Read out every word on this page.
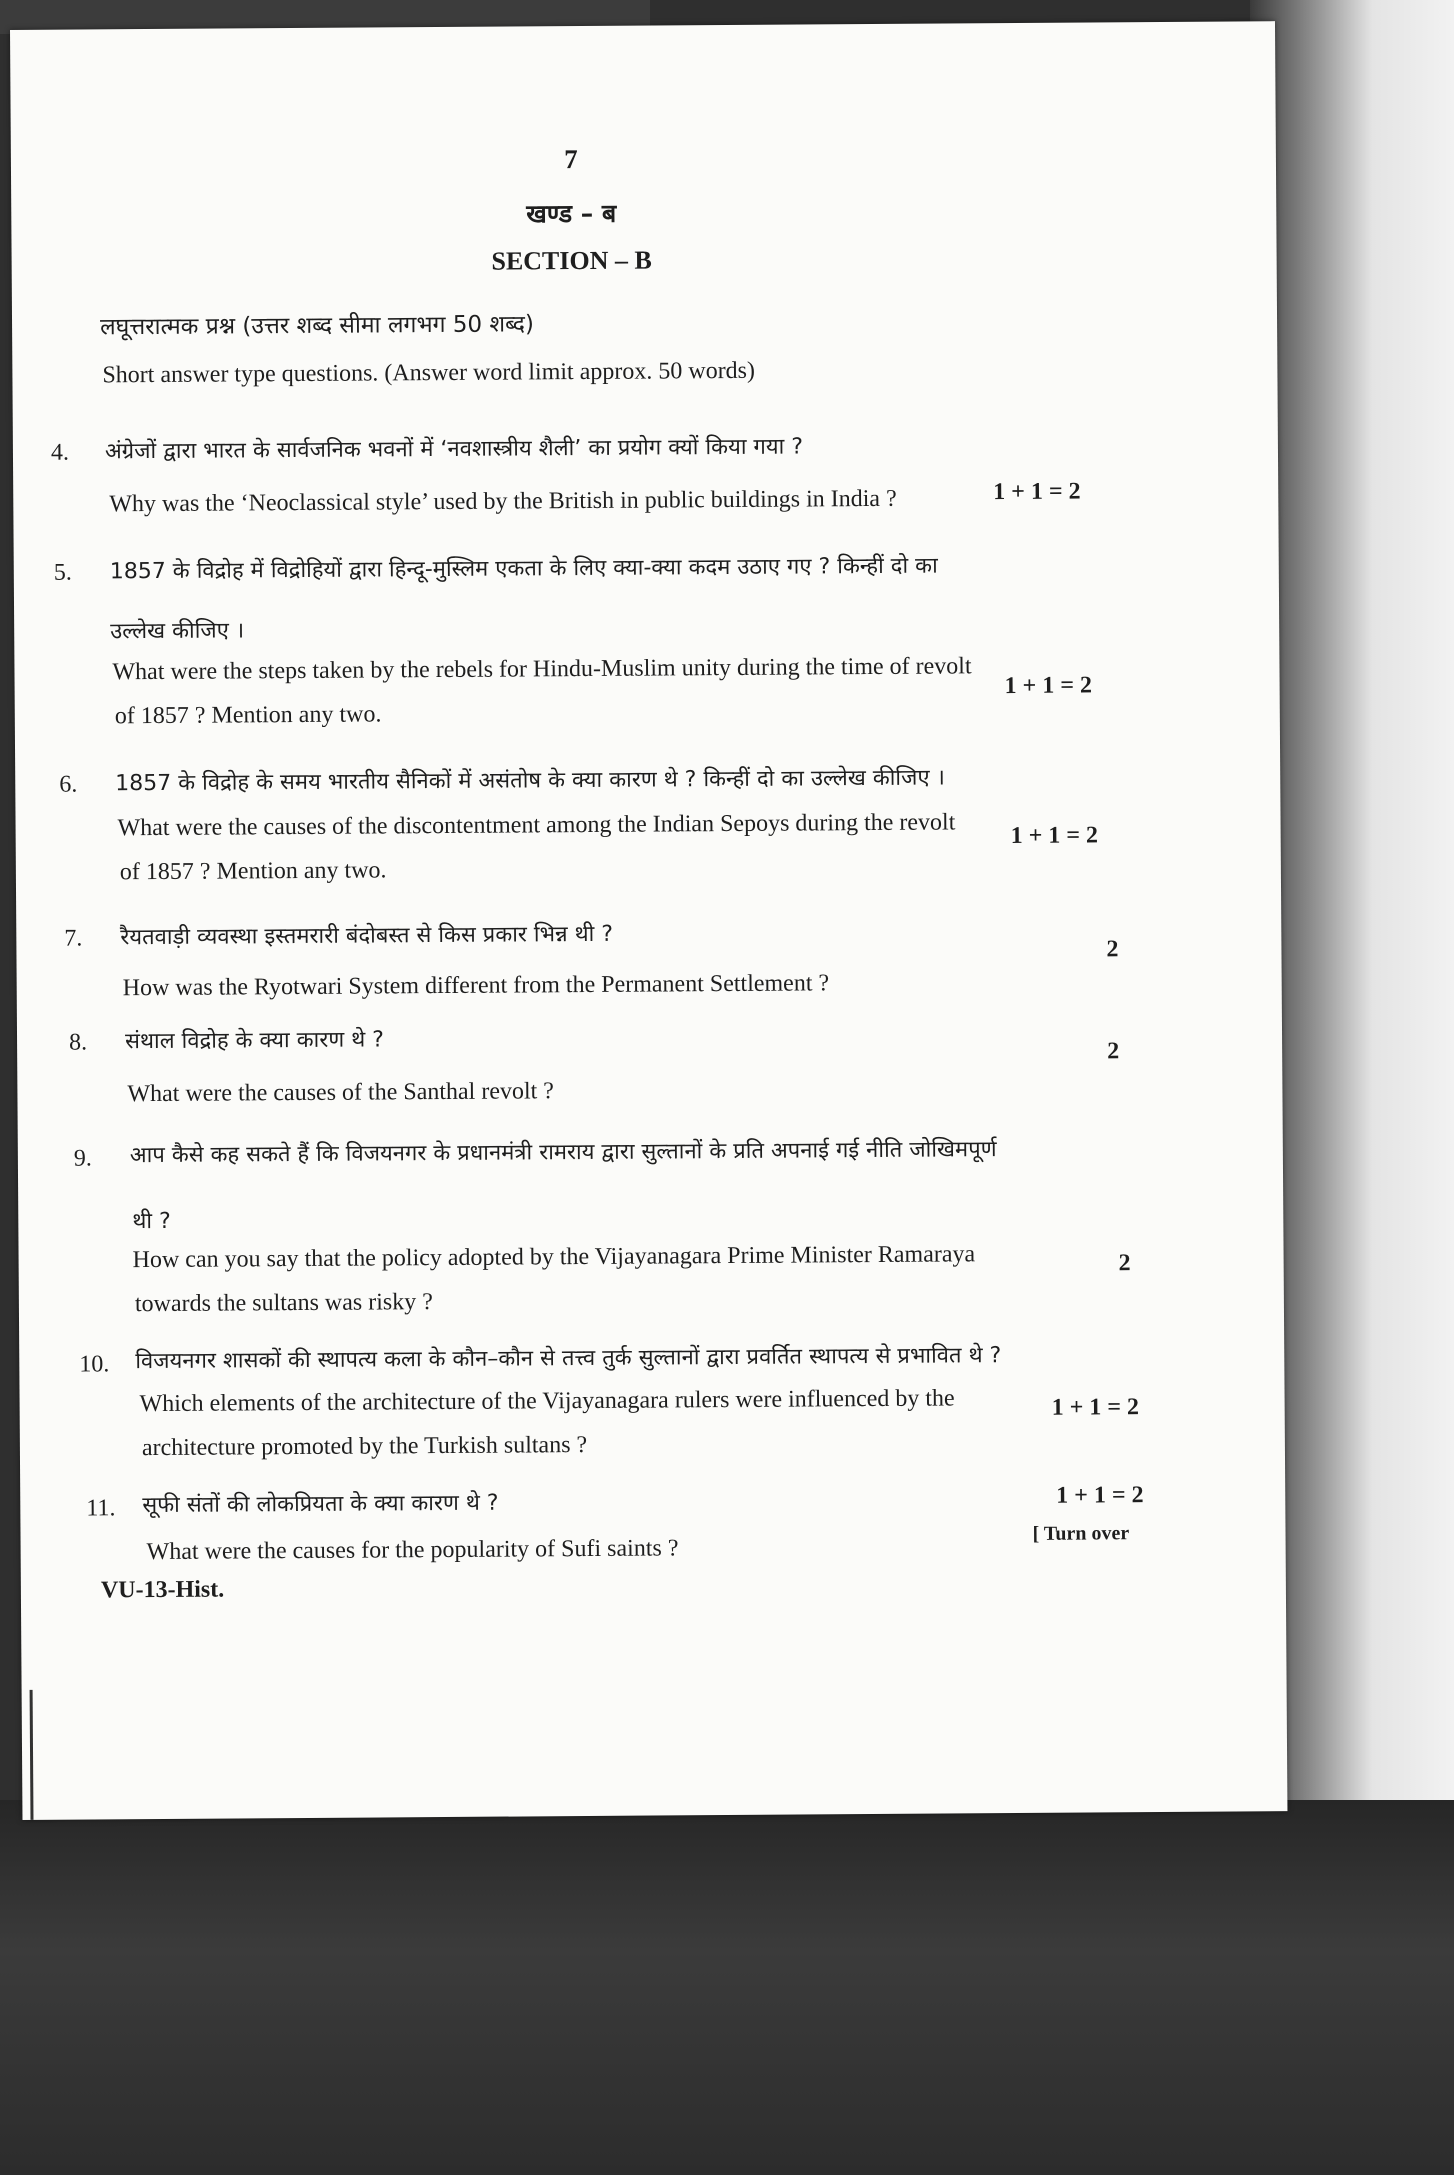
7
खण्ड – ब
SECTION – B
लघूत्तरात्मक प्रश्न (उत्तर शब्द सीमा लगभग 50 शब्द)
Short answer type questions. (Answer word limit approx. 50 words)
4. अंग्रेजों द्वारा भारत के सार्वजनिक भवनों में ‘नवशास्त्रीय शैली’ का प्रयोग क्यों किया गया ?
Why was the ‘Neoclassical style’ used by the British in public buildings in India ?	1 + 1 = 2
5. 1857 के विद्रोह में विद्रोहियों द्वारा हिन्दू-मुस्लिम एकता के लिए क्या-क्या कदम उठाए गए ? किन्हीं दो का
उल्लेख कीजिए ।
What were the steps taken by the rebels for Hindu-Muslim unity during the time of revolt
of 1857 ? Mention any two.
1 + 1 = 2
6. 1857 के विद्रोह के समय भारतीय सैनिकों में असंतोष के क्या कारण थे ? किन्हीं दो का उल्लेख कीजिए ।
What were the causes of the discontentment among the Indian Sepoys during the revolt
of 1857 ? Mention any two.
1 + 1 = 2
7. रैयतवाड़ी व्यवस्था इस्तमरारी बंदोबस्त से किस प्रकार भिन्न थी ?
How was the Ryotwari System different from the Permanent Settlement ?
2
8. संथाल विद्रोह के क्या कारण थे ?
What were the causes of the Santhal revolt ?
2
9. आप कैसे कह सकते हैं कि विजयनगर के प्रधानमंत्री रामराय द्वारा सुल्तानों के प्रति अपनाई गई नीति जोखिमपूर्ण
थी ?
How can you say that the policy adopted by the Vijayanagara Prime Minister Ramaraya
towards the sultans was risky ?
2
10. विजयनगर शासकों की स्थापत्य कला के कौन–कौन से तत्त्व तुर्क सुल्तानों द्वारा प्रवर्तित स्थापत्य से प्रभावित थे ?
Which elements of the architecture of the Vijayanagara rulers were influenced by the
architecture promoted by the Turkish sultans ?
1 + 1 = 2
11. सूफी संतों की लोकप्रियता के क्या कारण थे ?
What were the causes for the popularity of Sufi saints ?
1 + 1 = 2
[ Turn over
VU-13-Hist.
